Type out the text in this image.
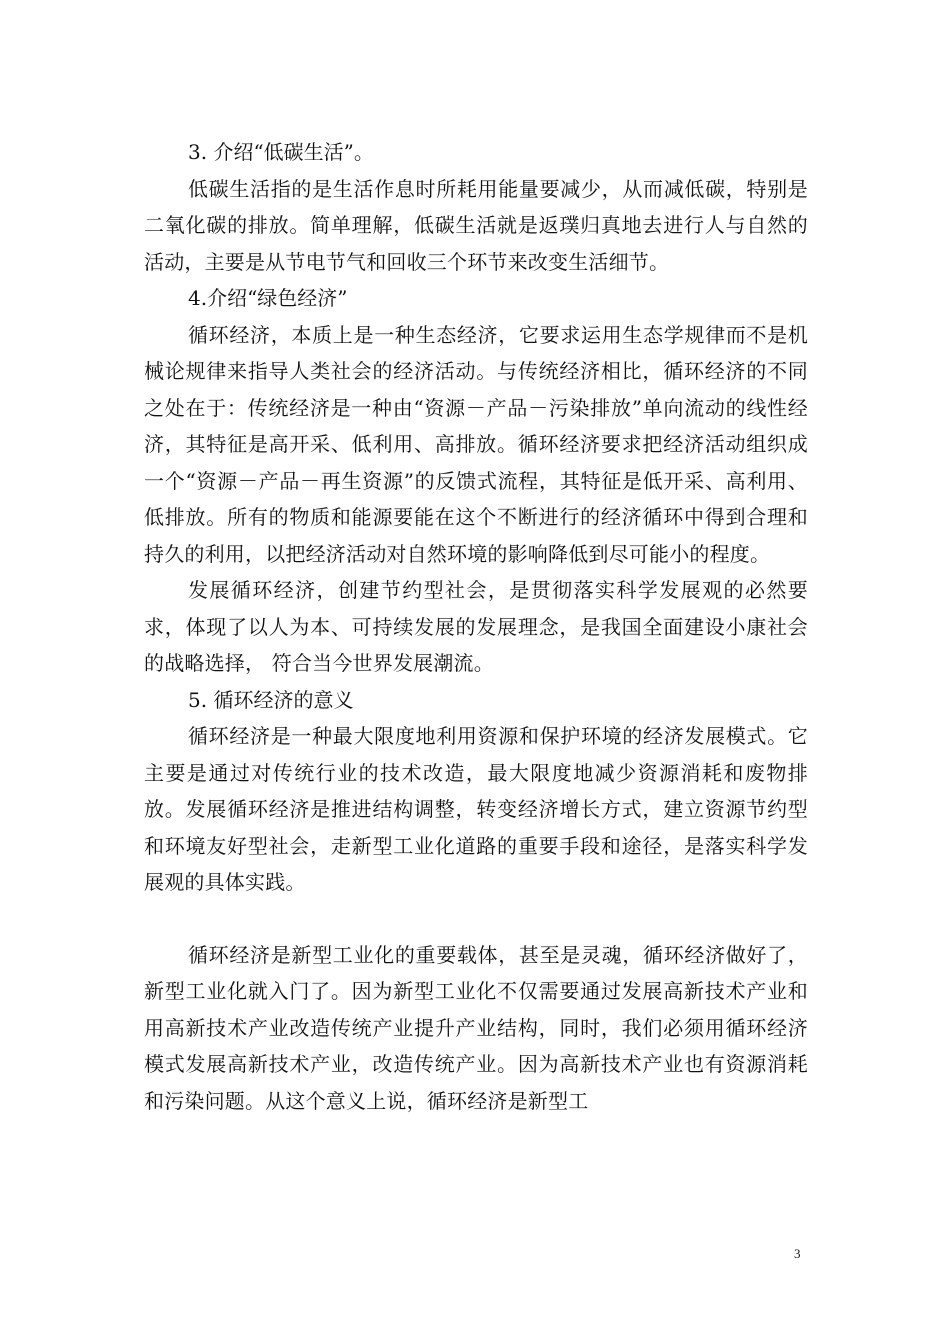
3. 介绍“低碳生活”。

低碳生活指的是生活作息时所耗用能量要减少，从而减低碳，特别是二氧化碳的排放。简单理解，低碳生活就是返璞归真地去进行人与自然的活动，主要是从节电节气和回收三个环节来改变生活细节。

4.介绍“绿色经济”

循环经济，本质上是一种生态经济，它要求运用生态学规律而不是机械论规律来指导人类社会的经济活动。与传统经济相比，循环经济的不同之处在于：传统经济是一种由“资源－产品－污染排放”单向流动的线性经济，其特征是高开采、低利用、高排放。循环经济要求把经济活动组织成一个“资源－产品－再生资源”的反馈式流程，其特征是低开采、高利用、低排放。所有的物质和能源要能在这个不断进行的经济循环中得到合理和持久的利用，以把经济活动对自然环境的影响降低到尽可能小的程度。

发展循环经济，创建节约型社会，是贯彻落实科学发展观的必然要求，体现了以人为本、可持续发展的发展理念，是我国全面建设小康社会的战略选择， 符合当今世界发展潮流。

5. 循环经济的意义

循环经济是一种最大限度地利用资源和保护环境的经济发展模式。它主要是通过对传统行业的技术改造，最大限度地减少资源消耗和废物排放。发展循环经济是推进结构调整，转变经济增长方式，建立资源节约型和环境友好型社会，走新型工业化道路的重要手段和途径，是落实科学发展观的具体实践。

循环经济是新型工业化的重要载体，甚至是灵魂，循环经济做好了，新型工业化就入门了。因为新型工业化不仅需要通过发展高新技术产业和用高新技术产业改造传统产业提升产业结构，同时，我们必须用循环经济模式发展高新技术产业，改造传统产业。因为高新技术产业也有资源消耗和污染问题。从这个意义上说，循环经济是新型工

3
